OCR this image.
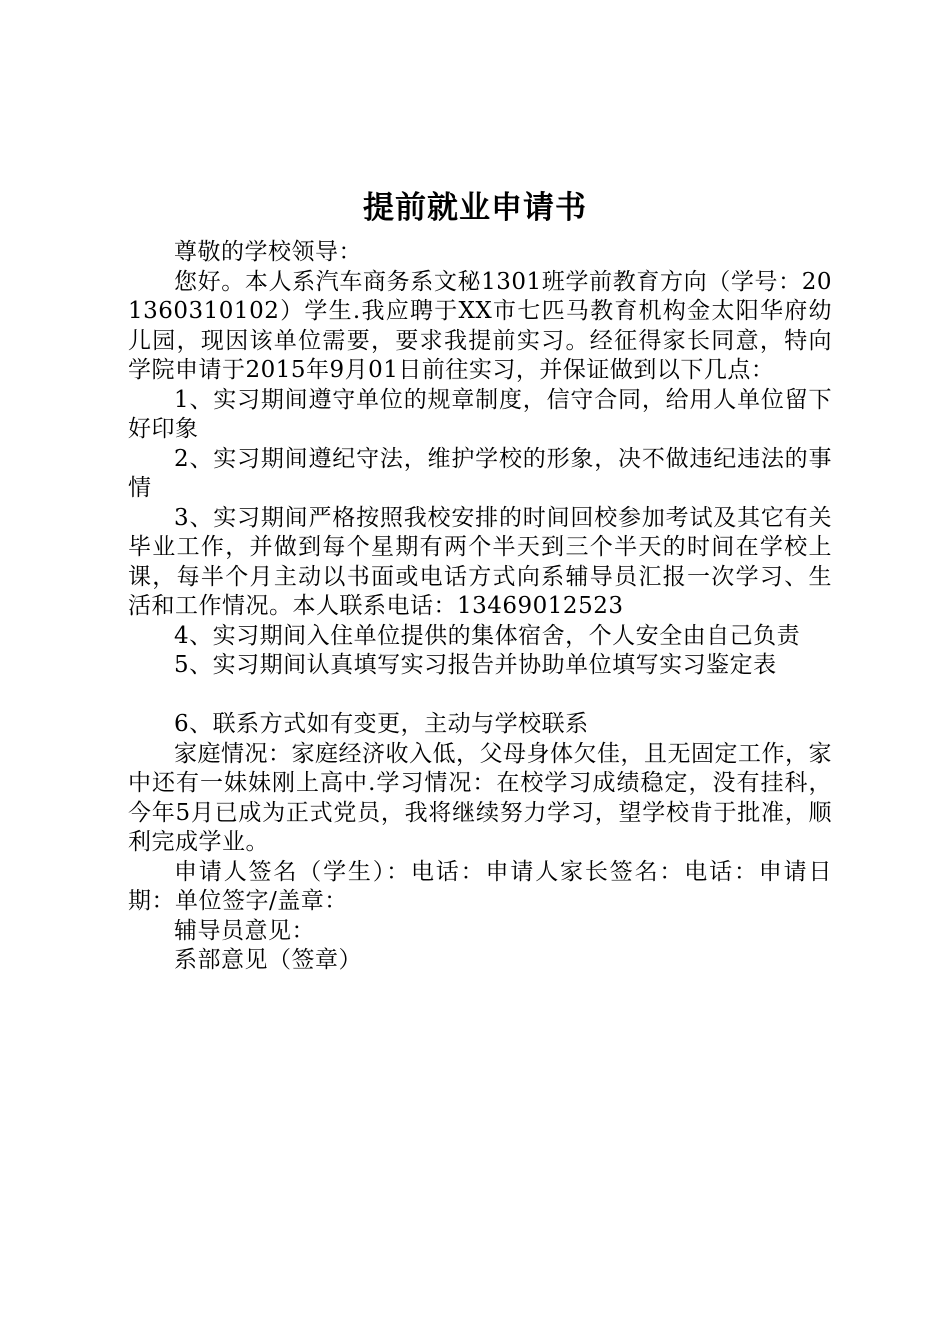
提前就业申请书

尊敬的学校领导：

您好。本人系汽车商务系文秘1301班学前教育方向（学号：201360310102）学生.我应聘于XX市七匹马教育机构金太阳华府幼儿园，现因该单位需要，要求我提前实习。经征得家长同意，特向学院申请于2015年9月01日前往实习，并保证做到以下几点：

1、实习期间遵守单位的规章制度，信守合同，给用人单位留下好印象

2、实习期间遵纪守法，维护学校的形象，决不做违纪违法的事情

3、实习期间严格按照我校安排的时间回校参加考试及其它有关毕业工作，并做到每个星期有两个半天到三个半天的时间在学校上课，每半个月主动以书面或电话方式向系辅导员汇报一次学习、生活和工作情况。本人联系电话：13469012523

4、实习期间入住单位提供的集体宿舍，个人安全由自己负责

5、实习期间认真填写实习报告并协助单位填写实习鉴定表

6、联系方式如有变更，主动与学校联系

家庭情况：家庭经济收入低，父母身体欠佳，且无固定工作，家中还有一妹妹刚上高中.学习情况：在校学习成绩稳定，没有挂科，今年5月已成为正式党员，我将继续努力学习，望学校肯于批准，顺利完成学业。

申请人签名（学生）：电话：申请人家长签名：电话：申请日期：单位签字/盖章：

辅导员意见：

系部意见（签章）
